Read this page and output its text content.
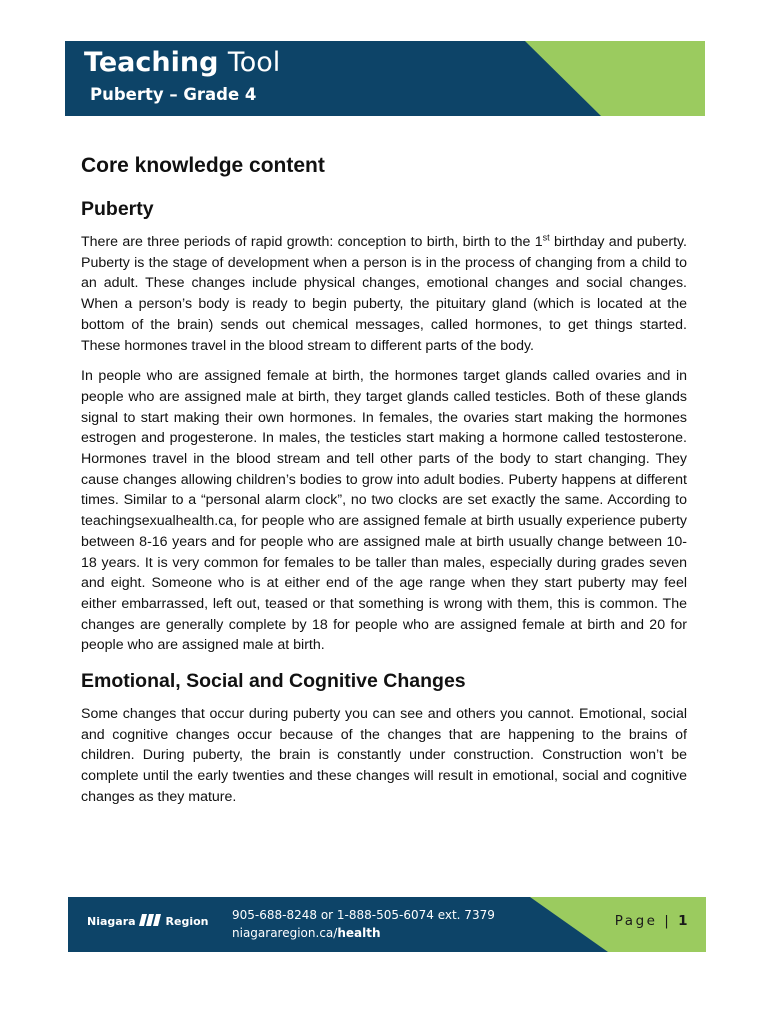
Teaching Tool
Puberty – Grade 4
Core knowledge content
Puberty

There are three periods of rapid growth: conception to birth, birth to the 1st birthday and puberty. Puberty is the stage of development when a person is in the process of changing from a child to an adult. These changes include physical changes, emotional changes and social changes. When a person’s body is ready to begin puberty, the pituitary gland (which is located at the bottom of the brain) sends out chemical messages, called hormones, to get things started. These hormones travel in the blood stream to different parts of the body.

In people who are assigned female at birth, the hormones target glands called ovaries and in people who are assigned male at birth, they target glands called testicles. Both of these glands signal to start making their own hormones. In females, the ovaries start making the hormones estrogen and progesterone. In males, the testicles start making a hormone called testosterone. Hormones travel in the blood stream and tell other parts of the body to start changing. They cause changes allowing children’s bodies to grow into adult bodies. Puberty happens at different times. Similar to a “personal alarm clock”, no two clocks are set exactly the same. According to teachingsexualhealth.ca, for people who are assigned female at birth usually experience puberty between 8-16 years and for people who are assigned male at birth usually change between 10-18 years. It is very common for females to be taller than males, especially during grades seven and eight. Someone who is at either end of the age range when they start puberty may feel either embarrassed, left out, teased or that something is wrong with them, this is common. The changes are generally complete by 18 for people who are assigned female at birth and 20 for people who are assigned male at birth.

Emotional, Social and Cognitive Changes

Some changes that occur during puberty you can see and others you cannot. Emotional, social and cognitive changes occur because of the changes that are happening to the brains of children. During puberty, the brain is constantly under construction. Construction won’t be complete until the early twenties and these changes will result in emotional, social and cognitive changes as they mature.

Niagara	Region 905-688-8248 or 1-888-505-6074 ext. 7379
niagararegion.ca/health
Page | 1
